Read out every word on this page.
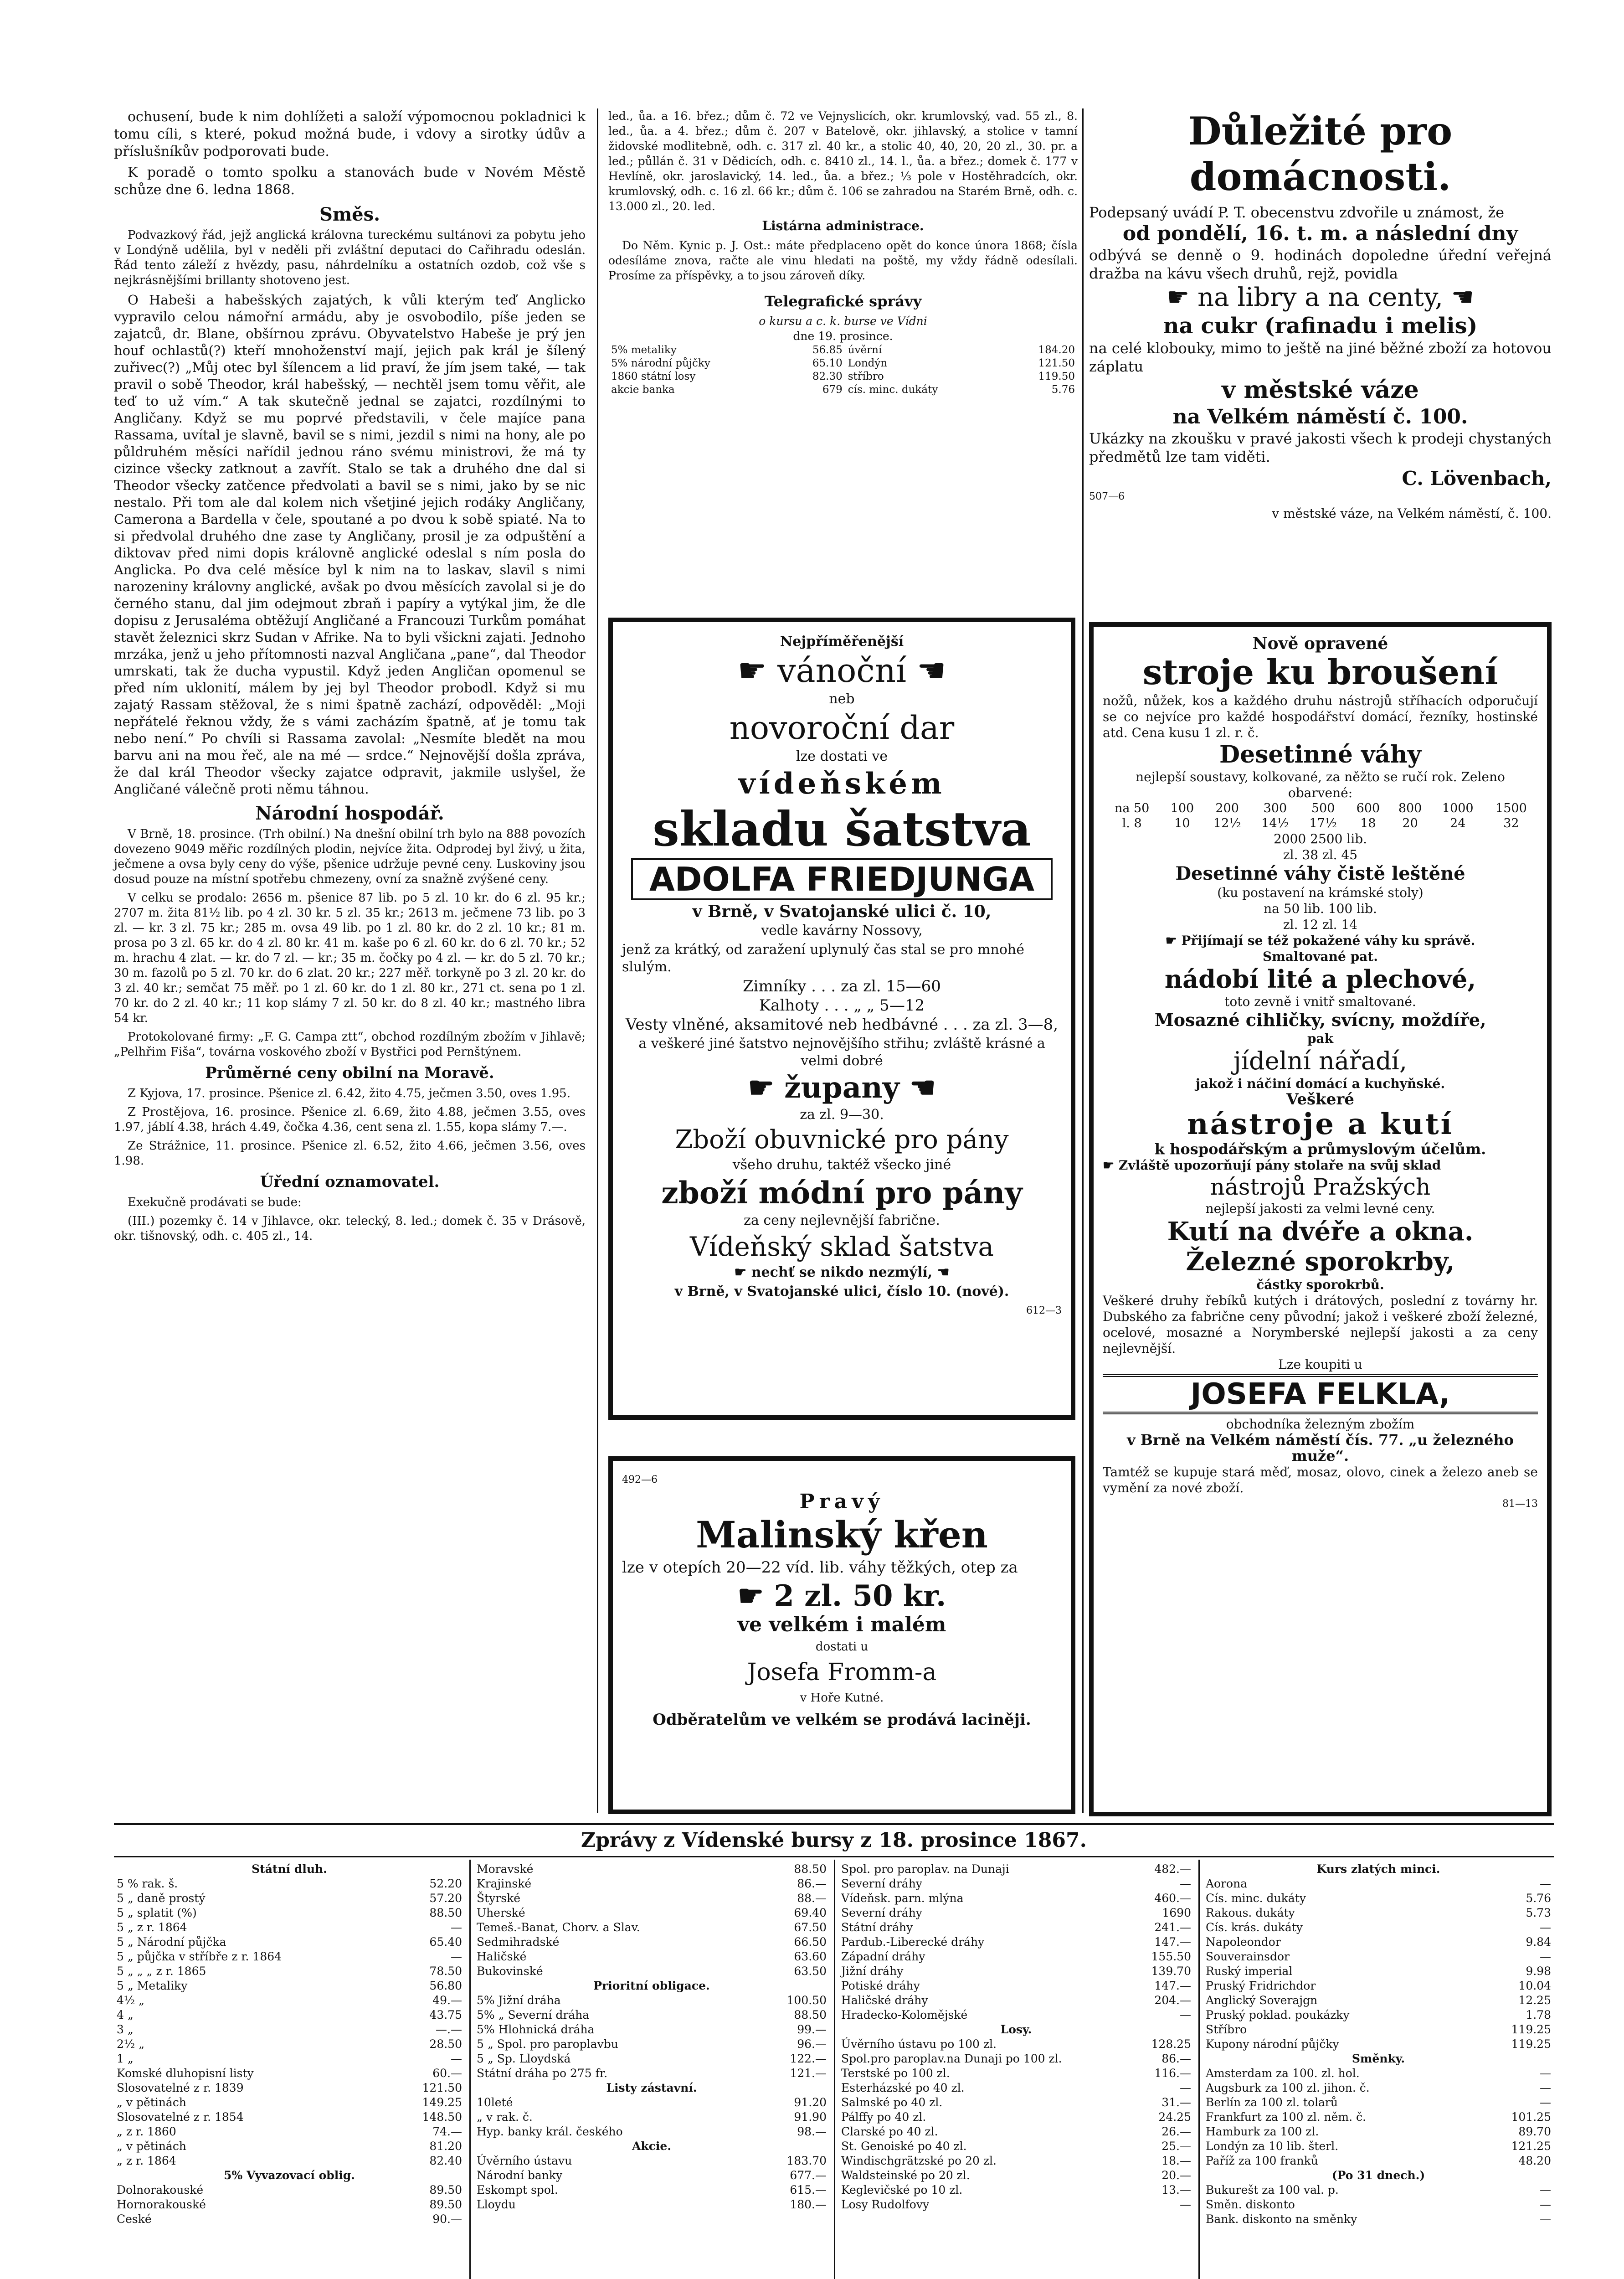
ochusení, bude k nim dohlížeti a saloží výpomocnou pokladnici k tomu cíli, s které, pokud možná bude, i vdovy a sirotky údův a příslušníkův podporovati bude.

K poradě o tomto spolku a stanovách bude v Novém Městě schůze dne 6. ledna 1868.

Směs.

Podvazkový řád, jejž anglická královna tureckému sultánovi za pobytu jeho v Londýně udělila, byl v neděli při zvláštní deputaci do Cařihradu odeslán. Řád tento záleží z hvězdy, pasu, náhrdelníku a ostatních ozdob, což vše s nejkrásnějšími brillanty shotoveno jest.

O Habeši a habešských zajatých, k vůli kterým teď Anglicko vypravilo celou námořní armádu, aby je osvobodilo, píše jeden se zajatců, dr. Blane, obšírnou zprávu. Obyvatelstvo Habeše je prý jen houf ochlastů(?) kteří mnohoženství mají, jejich pak král je šílený zuřivec(?) „Můj otec byl šílencem a lid praví, že jím jsem také, — tak pravil o sobě Theodor, král habešský, — nechtěl jsem tomu věřit, ale teď to už vím.“ A tak skutečně jednal se zajatci, rozdílnými to Angličany. Když se mu poprvé představili, v čele majíce pana Rassama, uvítal je slavně, bavil se s nimi, jezdil s nimi na hony, ale po půldruhém měsíci nařídil jednou ráno svému ministrovi, že má ty cizince všecky zatknout a zavřít. Stalo se tak a druhého dne dal si Theodor všecky zatčence předvolati a bavil se s nimi, jako by se nic nestalo. Při tom ale dal kolem nich všetjiné jejich rodáky Angličany, Camerona a Bardella v čele, spoutané a po dvou k sobě spiaté. Na to si předvolal druhého dne zase ty Angličany, prosil je za odpuštění a diktovav před nimi dopis královně anglické odeslal s ním posla do Anglicka. Po dva celé měsíce byl k nim na to laskav, slavil s nimi narozeniny královny anglické, avšak po dvou měsících zavolal si je do černého stanu, dal jim odejmout zbraň i papíry a vytýkal jim, že dle dopisu z Jerusaléma obtěžují Angličané a Francouzi Turkům pomáhat stavět železnici skrz Sudan v Afrike. Na to byli všickni zajati. Jednoho mrzáka, jenž u jeho přítomnosti nazval Angličana „pane“, dal Theodor umrskati, tak že ducha vypustil. Když jeden Angličan opomenul se před ním uklonití, málem by jej byl Theodor probodl. Když si mu zajatý Rassam stěžoval, že s nimi špatně zachází, odpověděl: „Moji nepřátelé řeknou vždy, že s vámi zacházím špatně, ať je tomu tak nebo není.“ Po chvíli si Rassama zavolal: „Nesmíte bledět na mou barvu ani na mou řeč, ale na mé — srdce.“ Nejnovější došla zpráva, že dal král Theodor všecky zajatce odpravit, jakmile uslyšel, že Angličané válečně proti němu táhnou.

Národní hospodář.

V Brně, 18. prosince. (Trh obilní.) Na dnešní obilní trh bylo na 888 povozích dovezeno 9049 měřic rozdílných plodin, nejvíce žita. Odprodej byl živý, u žita, ječmene a ovsa byly ceny do výše, pšenice udržuje pevné ceny. Luskoviny jsou dosud pouze na místní spotřebu chmezeny, ovní za snažně zvýšené ceny.

V celku se prodalo: 2656 m. pšenice 87 lib. po 5 zl. 10 kr. do 6 zl. 95 kr.; 2707 m. žita 81½ lib. po 4 zl. 30 kr. 5 zl. 35 kr.; 2613 m. ječmene 73 lib. po 3 zl. — kr. 3 zl. 75 kr.; 285 m. ovsa 49 lib. po 1 zl. 80 kr. do 2 zl. 10 kr.; 81 m. prosa po 3 zl. 65 kr. do 4 zl. 80 kr. 41 m. kaše po 6 zl. 60 kr. do 6 zl. 70 kr.; 52 m. hrachu 4 zlat. — kr. do 7 zl. — kr.; 35 m. čočky po 4 zl. — kr. do 5 zl. 70 kr.; 30 m. fazolů po 5 zl. 70 kr. do 6 zlat. 20 kr.; 227 měř. torkyně po 3 zl. 20 kr. do 3 zl. 40 kr.; semčat 75 měř. po 1 zl. 60 kr. do 1 zl. 80 kr., 271 ct. sena po 1 zl. 70 kr. do 2 zl. 40 kr.; 11 kop slámy 7 zl. 50 kr. do 8 zl. 40 kr.; mastného libra 54 kr.

Protokolované firmy: „F. G. Campa ztt“, obchod rozdílným zbožím v Jihlavě; „Pelhřim Fiša“, továrna voskového zboží v Bystřici pod Pernštýnem.

Průměrné ceny obilní na Moravě.

Z Kyjova, 17. prosince. Pšenice zl. 6.42, žito 4.75, ječmen 3.50, oves 1.95.

Z Prostějova, 16. prosince. Pšenice zl. 6.69, žito 4.88, ječmen 3.55, oves 1.97, jáblí 4.38, hrách 4.49, čočka 4.36, cent sena zl. 1.55, kopa slámy 7.—.

Ze Strážnice, 11. prosince. Pšenice zl. 6.52, žito 4.66, ječmen 3.56, oves 1.98.

Úřední oznamovatel.

Exekučně prodávati se bude:

(III.) pozemky č. 14 v Jihlavce, okr. telecký, 8. led.; domek č. 35 v Drásově, okr. tišnovský, odh. c. 405 zl., 14.

led., ůa. a 16. břez.; dům č. 72 ve Vejnyslicích, okr. krumlovský, vad. 55 zl., 8. led., ůa. a 4. břez.; dům č. 207 v Batelově, okr. jihlavský, a stolice v tamní židovské modlitebně, odh. c. 317 zl. 40 kr., a stolic 40, 40, 20, 20 zl., 30. pr. a led.; půllán č. 31 v Dědicích, odh. c. 8410 zl., 14. l., ůa. a břez.; domek č. 177 v Hevlíně, okr. jaroslavický, 14. led., ůa. a břez.; ⅓ pole v Hostěhradcích, okr. krumlovský, odh. c. 16 zl. 66 kr.; dům č. 106 se zahradou na Starém Brně, odh. c. 13.000 zl., 20. led.

Listárna administrace.

Do Něm. Kynic p. J. Ost.: máte předplaceno opět do konce února 1868; čísla odesíláme znova, račte ale vinu hledati na poště, my vždy řádně odesílali. Prosíme za příspěvky, a to jsou zároveň díky.

Telegrafické správy
o kursu a c. k. burse ve Vídni
dne 19. prosince.
5% metaliky	56.85	úvěrní	184.20
5% národní půjčky	65.10	Londýn	121.50
1860 státní losy	82.30	stříbro	119.50
akcie banka	679	cís. minc. dukáty	5.76
Nejpříměřenější
☛ vánoční ☚
neb
novoroční dar
lze dostati ve
vídeňském
skladu šatstva
ADOLFA FRIEDJUNGA
v Brně, v Svatojanské ulici č. 10,
vedle kavárny Nossovy,
jenž za krátký, od zaražení uplynulý čas stal se pro mnohé slulým.
Zimníky . . . za zl. 15—60
Kalhoty . . . „ „ 5—12
Vesty vlněné, aksamitové neb hedbávné . . . za zl. 3—8,
a veškeré jiné šatstvo nejnovějšího střihu; zvláště krásné a velmi dobré
☛ župany ☚
za zl. 9—30.
Zboží obuvnické pro pány
všeho druhu, taktéž všecko jiné
zboží módní pro pány
za ceny nejlevnější fabrične.
Vídeňský sklad šatstva
☛ nechť se nikdo nezmýlí, ☚
v Brně, v Svatojanské ulici, číslo 10. (nové).
612—3
492—6
Pravý
Malinský křen
lze v otepích 20—22 víd. lib. váhy těžkých, otep za
☛ 2 zl. 50 kr.
ve velkém i malém
dostati u
Josefa Fromm-a
v Hoře Kutné.
Odběratelům ve velkém se prodává laciněji.
Důležité pro domácnosti.
Podepsaný uvádí P. T. obecenstvu zdvořile u známost, že
od pondělí, 16. t. m. a následní dny
odbývá se denně o 9. hodinách dopoledne úřední veřejná dražba na kávu všech druhů, rejž, povidla
☛ na libry a na centy, ☚
na cukr (rafinadu i melis)
na celé klobouky, mimo to ještě na jiné běžné zboží za hotovou záplatu
v městské váze
na Velkém náměstí č. 100.
Ukázky na zkoušku v pravé jakosti všech k prodeji chystaných předmětů lze tam viděti.
C. Lövenbach,
507—6
v městské váze, na Velkém náměstí, č. 100.
Nově opravené
stroje ku broušení
nožů, nůžek, kos a každého druhu nástrojů stříhacích odporučují se co nejvíce pro každé hospodářství domácí, řezníky, hostinské atd. Cena kusu 1 zl. r. č.
Desetinné váhy
nejlepší soustavy, kolkované, za něžto se ručí rok. Zeleno obarvené:
na 50	100	200	300	500	600	800	1000	1500
l. 8	10	12½	14½	17½	18	20	24	32
2000 2500 lib.
zl. 38 zl. 45
Desetinné váhy čistě leštěné
(ku postavení na krámské stoly)
na 50 lib. 100 lib.
zl. 12 zl. 14
☛ Přijímají se též pokažené váhy ku správě.
Smaltované pat.
nádobí lité a plechové,
toto zevně i vnitř smaltované.
Mosazné cihličky, svícny, moždíře,
pak
jídelní nářadí,
jakož i náčiní domácí a kuchyňské.
Veškeré
nástroje a kutí
k hospodářským a průmyslovým účelům.
☛ Zvláště upozorňují pány stolaře na svůj sklad
nástrojů Pražských
nejlepší jakosti za velmi levné ceny.
Kutí na dvéře a okna.
Železné sporokrby,
částky sporokrbů.
Veškeré druhy řebíků kutých i drátových, poslední z továrny hr. Dubského za fabrične ceny původní; jakož i veškeré zboží železné, ocelové, mosazné a Norymberské nejlepší jakosti a za ceny nejlevnější.
Lze koupiti u
JOSEFA FELKLA,
obchodníka železným zbožím
v Brně na Velkém náměstí čís. 77. „u železného muže“.
Tamtéž se kupuje stará měď, mosaz, olovo, cinek a železo aneb se vymění za nové zboží.
81—13
Zprávy z Vídenské bursy z 18. prosince 1867.
Státní dluh.	
5 % rak. š.	52.20
5 „ daně prostý	57.20
5 „ splatit (%)	88.50
5 „ z r. 1864	—
5 „ Národní půjčka	65.40
5 „ půjčka v stříbře z r. 1864	—
5 „ „ „ z r. 1865	78.50
5 „ Metaliky	56.80
4½ „	49.—
4 „	43.75
3 „	—.—
2½ „	28.50
1 „	—
Komské dluhopisní listy	60.—
Slosovatelné z r. 1839	121.50
„ v pětinách	149.25
Slosovatelné z r. 1854	148.50
„ z r. 1860	74.—
„ v pětinách	81.20
„ z r. 1864	82.40
5% Vyvazovací oblig.	
Dolnorakouské	89.50
Hornorakouské	89.50
Ceské	90.—
Moravské	88.50
Krajinské	86.—
Štyrské	88.—
Uherské	69.40
Temeš.-Banat, Chorv. a Slav.	67.50
Sedmihradské	66.50
Haličské	63.60
Bukovinské	63.50
Prioritní obligace.	
5% Jižní dráha	100.50
5% „ Severní dráha	88.50
5% Hlohnická dráha	99.—
5 „ Spol. pro paroplavbu	96.—
5 „ Sp. Lloydská	122.—
Státní dráha po 275 fr.	121.—
Listy zástavní.	
10leté	91.20
„ v rak. č.	91.90
Hyp. banky král. českého	98.—
Akcie.	
Úvěrního ústavu	183.70
Národní banky	677.—
Eskompt spol.	615.—
Lloydu	180.—
Spol. pro paroplav. na Dunaji	482.—
Severní dráhy	—
Vídeňsk. parn. mlýna	460.—
Severní dráhy	1690
Státní dráhy	241.—
Pardub.-Liberecké dráhy	147.—
Západní dráhy	155.50
Jižní dráhy	139.70
Potiské dráhy	147.—
Haličské dráhy	204.—
Hradecko-Kolomějské	—
Losy.	
Úvěrního ústavu po 100 zl.	128.25
Spol.pro paroplav.na Dunaji po 100 zl.	86.—
Terstské po 100 zl.	116.—
Esterházské po 40 zl.	—
Salmské po 40 zl.	31.—
Pálffy po 40 zl.	24.25
Clarské po 40 zl.	26.—
St. Genoiské po 40 zl.	25.—
Windischgrätzské po 20 zl.	18.—
Waldsteinské po 20 zl.	20.—
Keglevičské po 10 zl.	13.—
Losy Rudolfovy	—
Kurs zlatých minci.	
Aorona	—
Cís. minc. dukáty	5.76
Rakous. dukáty	5.73
Cís. krás. dukáty	—
Napoleondor	9.84
Souverainsdor	—
Ruský imperial	9.98
Pruský Fridrichdor	10.04
Anglický Soverajgn	12.25
Pruský poklad. poukázky	1.78
Stříbro	119.25
Kupony národní půjčky	119.25
Směnky.	
Amsterdam za 100. zl. hol.	—
Augsburk za 100 zl. jihon. č.	—
Berlín za 100 zl. tolarů	—
Frankfurt za 100 zl. něm. č.	101.25
Hamburk za 100 zl.	89.70
Londýn za 10 lib. šterl.	121.25
Paříž za 100 franků	48.20
(Po 31 dnech.)	
Bukurešt za 100 val. p.	—
Směn. diskonto	—
Bank. diskonto na směnky	—
